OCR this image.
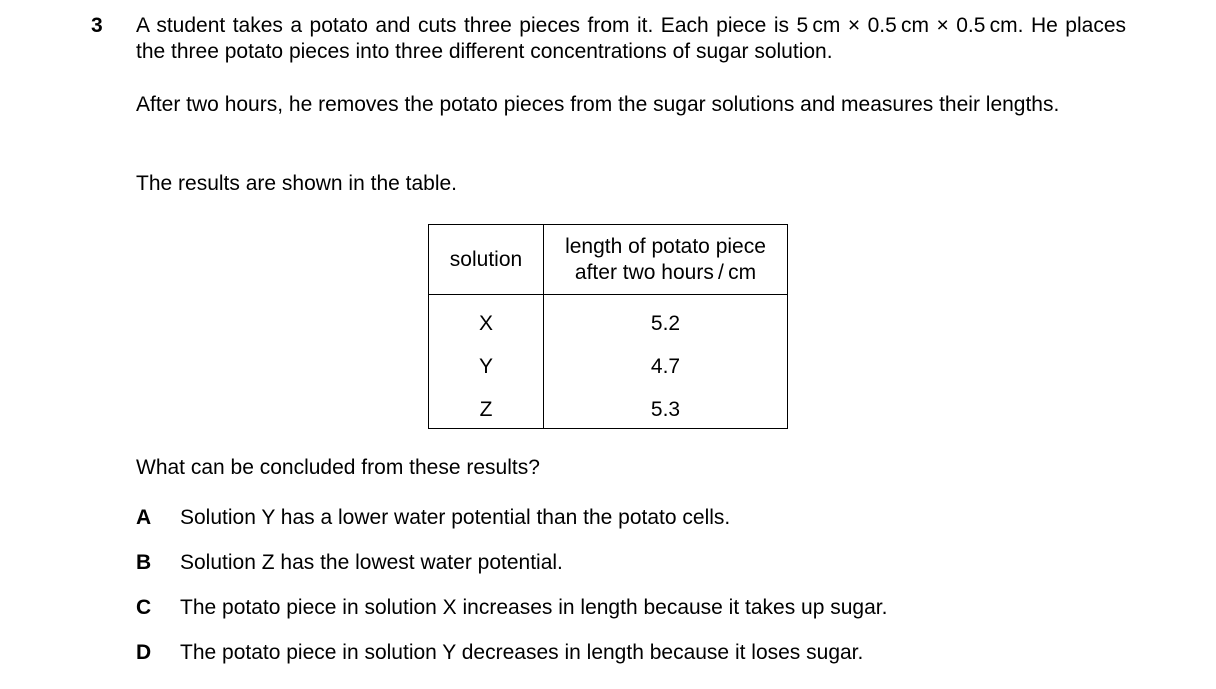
3 A student takes a potato and cuts three pieces from it. Each piece is 5 cm × 0.5 cm × 0.5 cm. He places the three potato pieces into three different concentrations of sugar solution.
After two hours, he removes the potato pieces from the sugar solutions and measures their lengths.
The results are shown in the table.
solution	length of potato piece
after two hours / cm

X	5.2

Y	4.7

Z	5.3
What can be concluded from these results?
A	Solution Y has a lower water potential than the potato cells.
B	Solution Z has the lowest water potential.
C	The potato piece in solution X increases in length because it takes up sugar.
D	The potato piece in solution Y decreases in length because it loses sugar.
